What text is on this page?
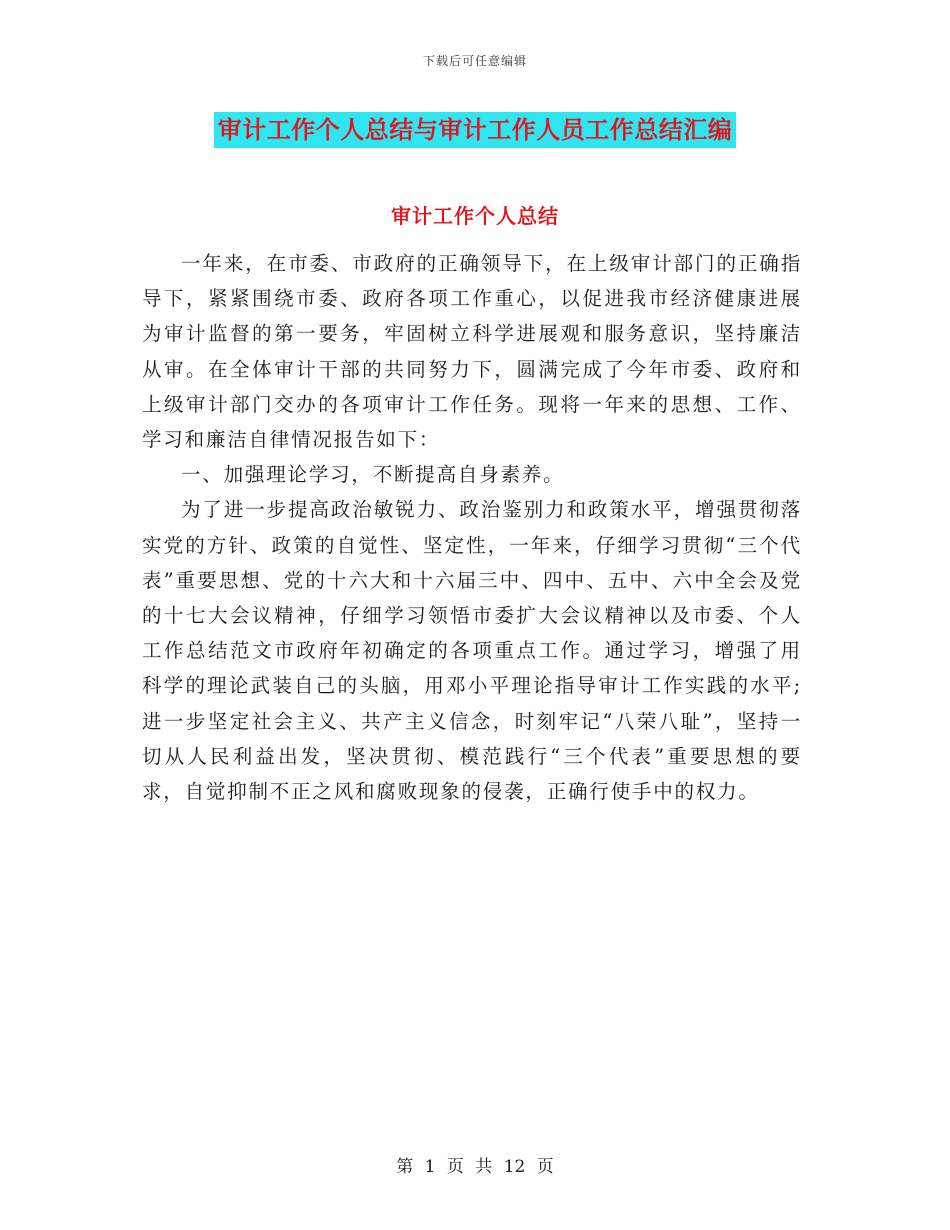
下载后可任意编辑
审计工作个人总结与审计工作人员工作总结汇编
审计工作个人总结

一年来，在市委、市政府的正确领导下，在上级审计部门的正确指导下，紧紧围绕市委、政府各项工作重心，以促进我市经济健康进展为审计监督的第一要务，牢固树立科学进展观和服务意识，坚持廉洁从审。在全体审计干部的共同努力下，圆满完成了今年市委、政府和上级审计部门交办的各项审计工作任务。现将一年来的思想、工作、学习和廉洁自律情况报告如下：

一、加强理论学习，不断提高自身素养。

为了进一步提高政治敏锐力、政治鉴别力和政策水平，增强贯彻落实党的方针、政策的自觉性、坚定性，一年来，仔细学习贯彻“三个代表”重要思想、党的十六大和十六届三中、四中、五中、六中全会及党的十七大会议精神，仔细学习领悟市委扩大会议精神以及市委、个人工作总结范文市政府年初确定的各项重点工作。通过学习，增强了用科学的理论武装自己的头脑，用邓小平理论指导审计工作实践的水平;进一步坚定社会主义、共产主义信念，时刻牢记“八荣八耻”，坚持一切从人民利益出发，坚决贯彻、模范践行“三个代表”重要思想的要求，自觉抑制不正之风和腐败现象的侵袭，正确行使手中的权力。

第 1 页 共 12 页
